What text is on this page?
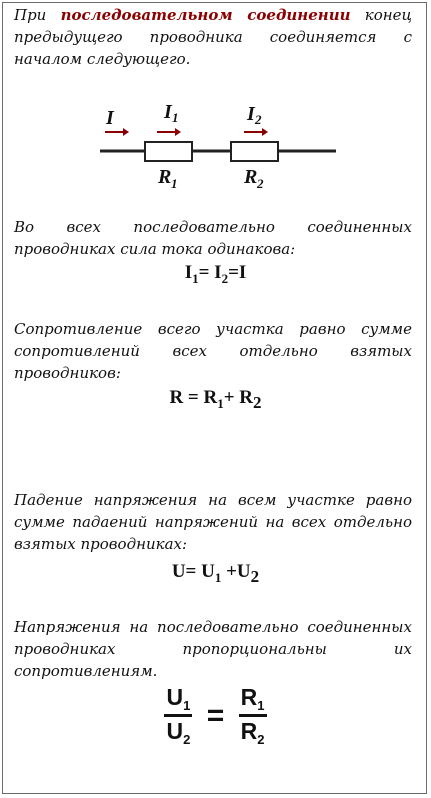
При последовательном соединении конец предыдущего проводника соединяется с началом следующего.
I	I 1	I 2
R 1	R 2
Во всех последовательно соединенных проводниках сила тока одинакова:
$I_1= I_2=I$
Сопротивление всего участка равно сумме сопротивлений всех отдельно взятых проводников:
$R = R_1+ R_2$
Падение напряжения на всем участке равно сумме падаений напряжений на всех отдельно взятых проводниках:
$U= U_1 +U_2$
Напряжения на последовательно соединенных проводниках пропорциональны их сопротивлениям.
$\frac{U_1}{U_2} = \frac{R_1}{R_2}$
